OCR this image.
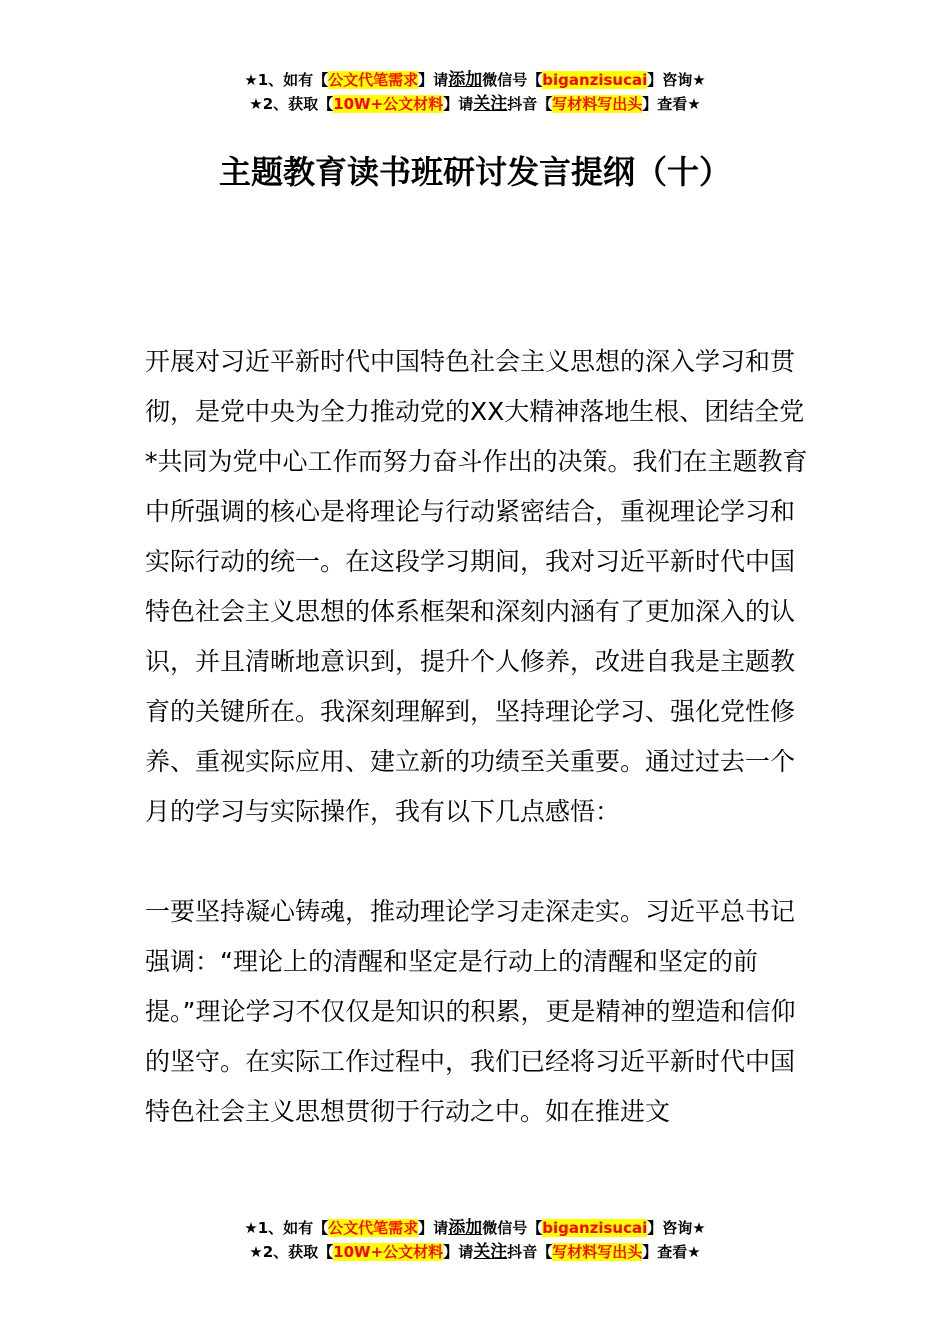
★1、如有【公文代笔需求】请添加微信号【biganzisucai】咨询★
★2、获取【10W+公文材料】请关注抖音【写材料写出头】查看★
主题教育读书班研讨发言提纲（十）

开展对习近平新时代中国特色社会主义思想的深入学习和贯彻，是党中央为全力推动党的XX大精神落地生根、团结全党*共同为党中心工作而努力奋斗作出的决策。我们在主题教育中所强调的核心是将理论与行动紧密结合，重视理论学习和实际行动的统一。在这段学习期间，我对习近平新时代中国特色社会主义思想的体系框架和深刻内涵有了更加深入的认识，并且清晰地意识到，提升个人修养，改进自我是主题教育的关键所在。我深刻理解到，坚持理论学习、强化党性修养、重视实际应用、建立新的功绩至关重要。通过过去一个月的学习与实际操作，我有以下几点感悟：

一要坚持凝心铸魂，推动理论学习走深走实。习近平总书记强调：“理论上的清醒和坚定是行动上的清醒和坚定的前提。”理论学习不仅仅是知识的积累，更是精神的塑造和信仰的坚守。在实际工作过程中，我们已经将习近平新时代中国特色社会主义思想贯彻于行动之中。如在推进文

★1、如有【公文代笔需求】请添加微信号【biganzisucai】咨询★
★2、获取【10W+公文材料】请关注抖音【写材料写出头】查看★
